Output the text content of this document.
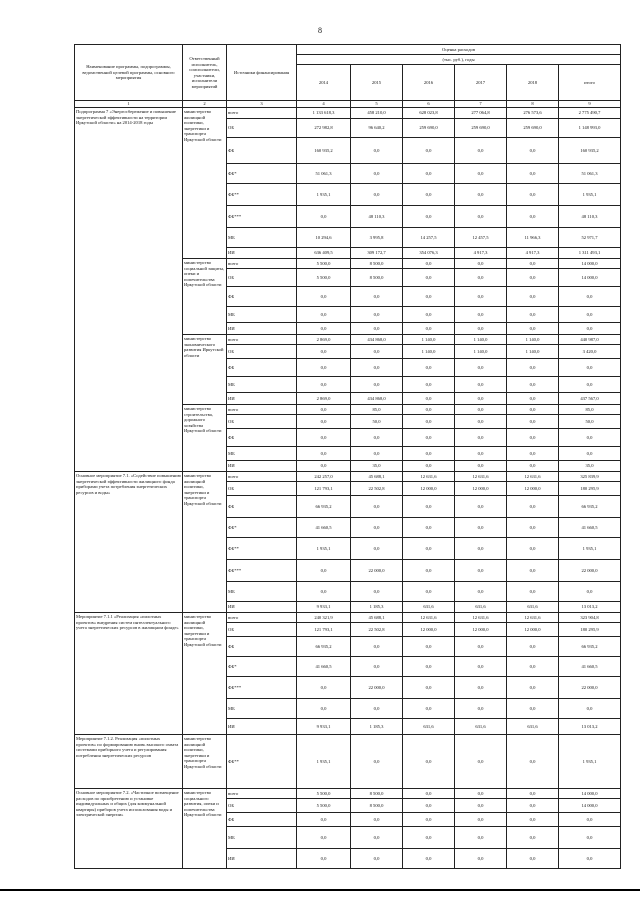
8
Наименование программы, подпрограммы, ведомственной целевой программы, основного мероприятия	Ответственный исполнитель, соисполнители, участники, исполнители мероприятий	Источники финансирования	Оценка расходов					
			(тыс. руб.), годы					
			2014	2015	2016	2017	2018	итого
1	2	3	4	5	6	7	8	9
Подпрограмма 7 «Энергосбережение и повышение энергетической эффективности на территории Иркутской области» на 2014-2018 годы	министерство жилищной политики, энергетики и транспорта Иркутской области	всего	1 133 618,3	458 210,0	628 023,8	277 064,8	276 573,6	2 775 490,7
		ОБ	272 982,8	96 640,2	259 690,0	259 690,0	259 690,0	1 148 993,0
		ФБ	160 935,2	0,0	0,0	0,0	0,0	160 935,2
		ФБ*	51 061,3	0,0	0,0	0,0	0,0	51 061,3
		ФБ**	1 935,1	0,0	0,0	0,0	0,0	1 935,1
		ФБ***	0,0	48 110,3	0,0	0,0	0,0	48 110,3
		МБ	10 294,6	3 995,8	14 257,5	12 457,5	11 966,3	52 971,7
		ИИ	636 409,5	309 172,7	354 076,3	4 917,3	4 917,3	1 311 493,1
	министерство социальной защиты, опеки и попечительства Иркутской области	всего	5 500,0	8 500,0	0,0	0,0	0,0	14 000,0
		ОБ	5 500,0	8 500,0	0,0	0,0	0,0	14 000,0
		ФБ	0,0	0,0	0,0	0,0	0,0	0,0
		МБ	0,0	0,0	0,0	0,0	0,0	0,0
		ИИ	0,0	0,0	0,0	0,0	0,0	0,0
	министерство экономического развития Иркутской области	всего	2 869,0	434 868,0	1 140,0	1 140,0	1 140,0	440 987,0
		ОБ	0,0	0,0	1 140,0	1 140,0	1 140,0	3 420,0
		ФБ	0,0	0,0	0,0	0,0	0,0	0,0
		МБ	0,0	0,0	0,0	0,0	0,0	0,0
		ИИ	2 869,0	434 868,0	0,0	0,0	0,0	437 567,0
	министерство строительства, дорожного хозяйства Иркутской области	всего	0,0	85,0	0,0	0,0	0,0	85,0
		ОБ	0,0	50,0	0,0	0,0	0,0	50,0
		ФБ	0,0	0,0	0,0	0,0	0,0	0,0
		МБ	0,0	0,0	0,0	0,0	0,0	0,0
		ИИ	0,0	35,0	0,0	0,0	0,0	35,0
Основное мероприятие 7.1. «Содействие повышению энергетической эффективности жилищного фонда приборами учета потребления энергетических ресурсов и воды»	министерство жилищной политики, энергетики и транспорта Иркутской области	всего	242 257,0	45 688,1	12 631,6	12 631,6	12 631,6	325 839,9
		ОБ	121 793,1	22 502,8	12 000,0	12 000,0	12 000,0	180 295,9
		ФБ	66 935,2	0,0	0,0	0,0	0,0	66 935,2
		ФБ*	41 660,5	0,0	0,0	0,0	0,0	41 660,5
		ФБ**	1 935,1	0,0	0,0	0,0	0,0	1 935,1
		ФБ***	0,0	22 000,0	0,0	0,0	0,0	22 000,0
		МБ	0,0	0,0	0,0	0,0	0,0	0,0
		ИИ	9 933,1	1 185,3	631,6	631,6	631,6	13 013,2
Мероприятие 7.1.1 «Реализация «пилотных проектов» внедрения систем интеллектуального учета энергетических ресурсов в жилищном фонде»	министерство жилищной политики, энергетики и транспорта Иркутской области	всего	240 321,9	45 688,1	12 631,6	12 631,6	12 631,6	323 904,8
		ОБ	121 793,1	22 502,8	12 000,0	12 000,0	12 000,0	180 295,9
		ФБ	66 935,2	0,0	0,0	0,0	0,0	66 935,2
		ФБ*	41 660,5	0,0	0,0	0,0	0,0	41 660,5
		ФБ***	0,0	22 000,0	0,0	0,0	0,0	22 000,0
		МБ	0,0	0,0	0,0	0,0	0,0	0,0
		ИИ	9 933,1	1 185,3	631,6	631,6	631,6	13 013,2
Мероприятие 7.1.2. Реализация «пилотных проектов» по формированию вновь высокого охвата системами приборного учета и регулирования потребления энергетических ресурсов	министерство жилищной политики, энергетики и транспорта Иркутской области	ФБ**	1 935,1	0,0	0,0	0,0	0,0	1 935,1
Основное мероприятие 7.2. «Частичное возмещение расходов по приобретению и установке индивидуальных и общих (для коммунальной квартиры) приборов учета использования воды и электрической энергии»	министерство социального развития, опеки и попечительства Иркутской области	всего	5 500,0	8 500,0	0,0	0,0	0,0	14 000,0
		ОБ	5 500,0	8 500,0	0,0	0,0	0,0	14 000,0
		ФБ	0,0	0,0	0,0	0,0	0,0	0,0
		МБ	0,0	0,0	0,0	0,0	0,0	0,0
		ИИ	0,0	0,0	0,0	0,0	0,0	0,0
